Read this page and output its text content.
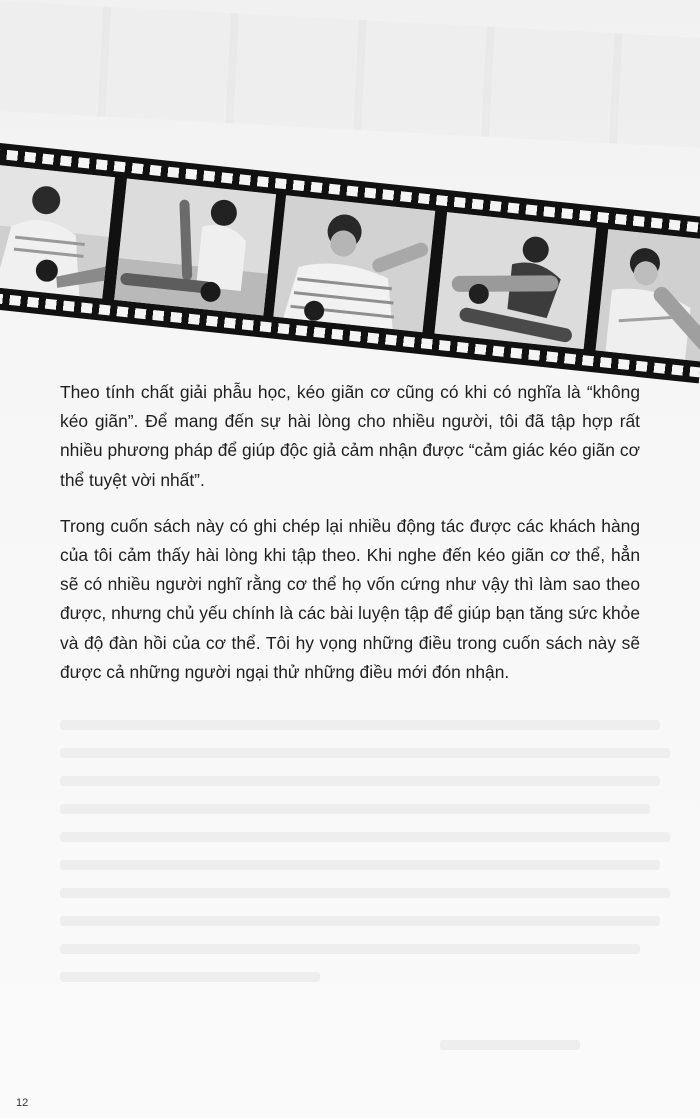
Theo tính chất giải phẫu học, kéo giãn cơ cũng có khi có nghĩa là “không kéo giãn”. Để mang đến sự hài lòng cho nhiều người, tôi đã tập hợp rất nhiều phương pháp để giúp độc giả cảm nhận được “cảm giác kéo giãn cơ thể tuyệt vời nhất”.

Trong cuốn sách này có ghi chép lại nhiều động tác được các khách hàng của tôi cảm thấy hài lòng khi tập theo. Khi nghe đến kéo giãn cơ thể, hẳn sẽ có nhiều người nghĩ rằng cơ thể họ vốn cứng như vậy thì làm sao theo được, nhưng chủ yếu chính là các bài luyện tập để giúp bạn tăng sức khỏe và độ đàn hồi của cơ thể. Tôi hy vọng những điều trong cuốn sách này sẽ được cả những người ngại thử những điều mới đón nhận.

12
